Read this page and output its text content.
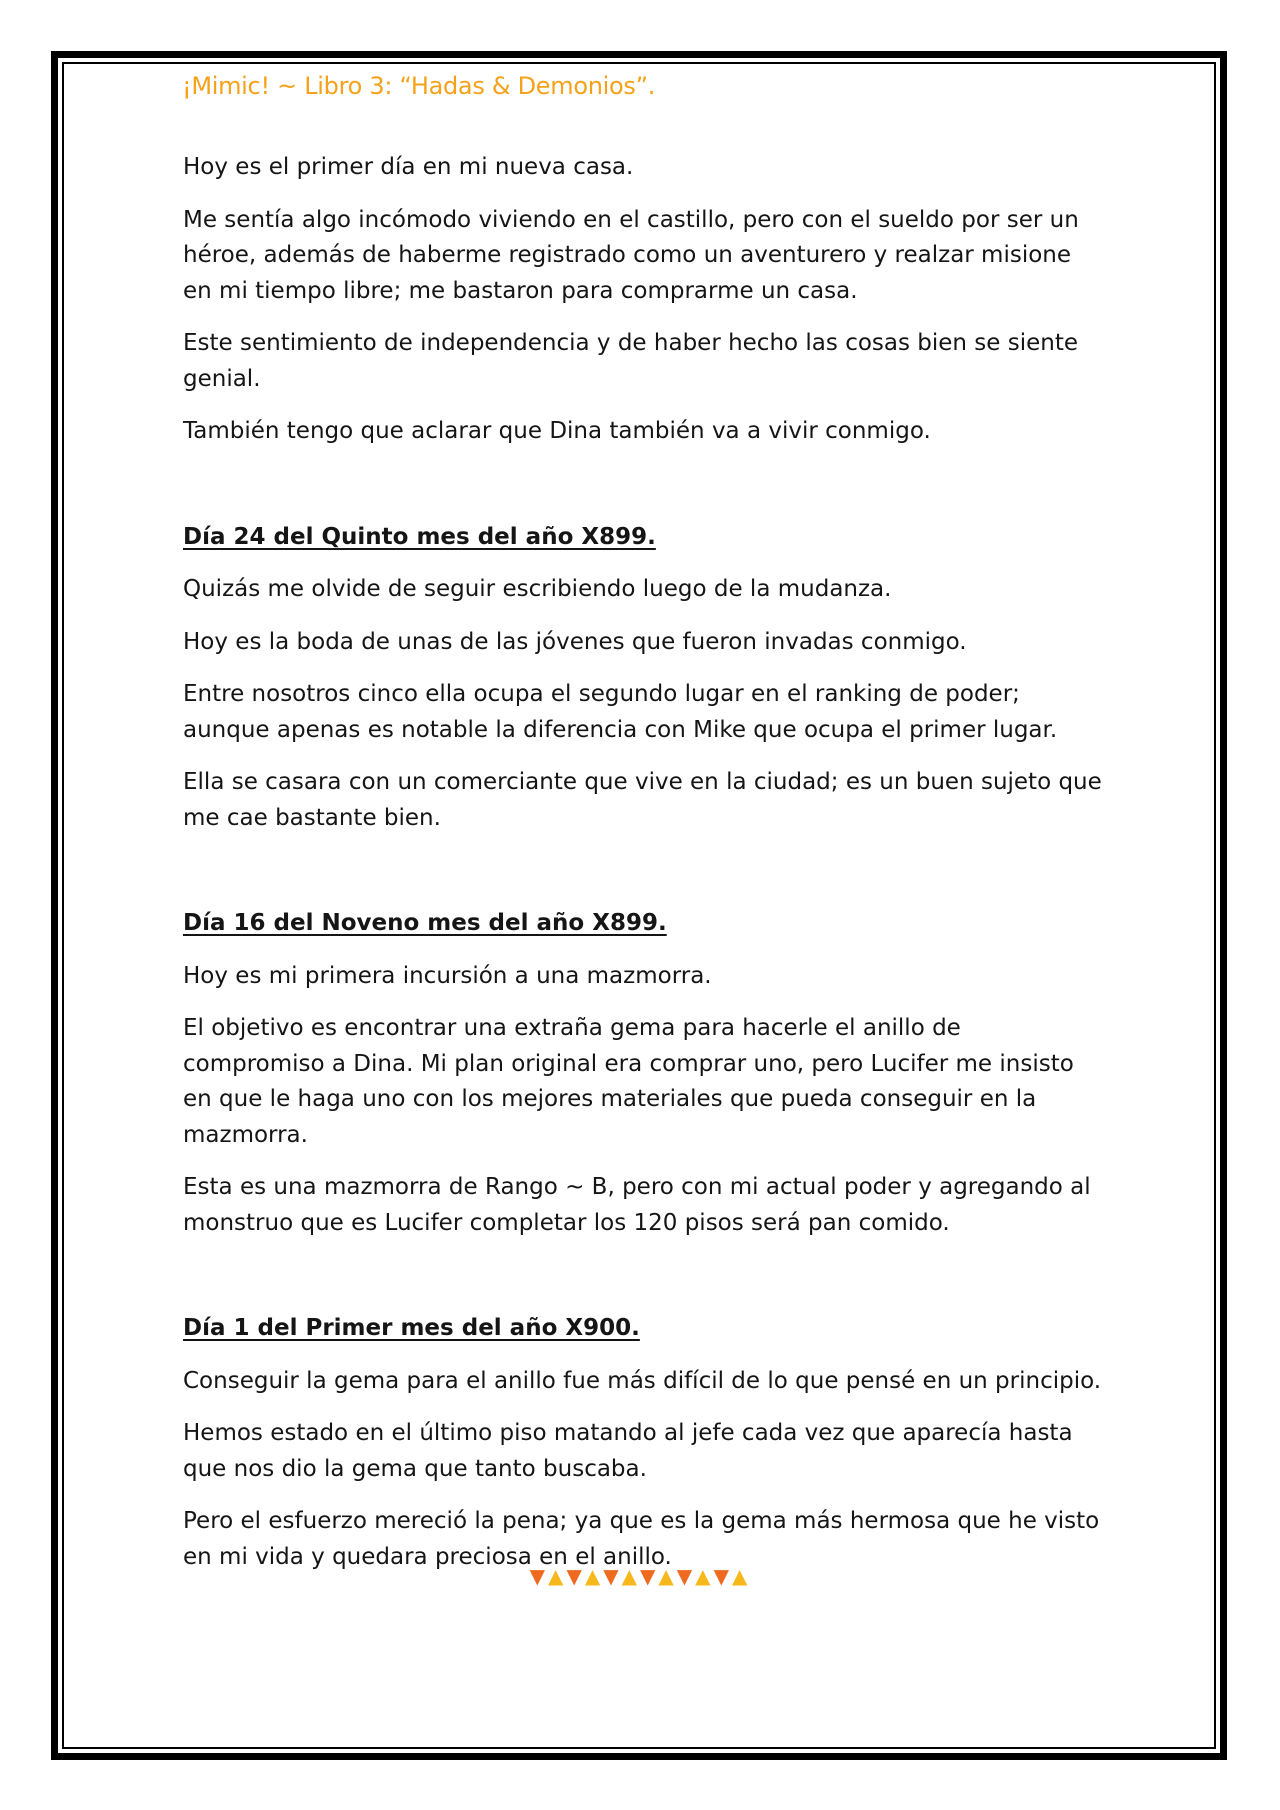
¡Mimic! ~ Libro 3: “Hadas & Demonios”.

Hoy es el primer día en mi nueva casa.

Me sentía algo incómodo viviendo en el castillo, pero con el sueldo por ser un héroe, además de haberme registrado como un aventurero y realzar misione en mi tiempo libre; me bastaron para comprarme un casa.

Este sentimiento de independencia y de haber hecho las cosas bien se siente genial.

También tengo que aclarar que Dina también va a vivir conmigo.

Día 24 del Quinto mes del año X899.

Quizás me olvide de seguir escribiendo luego de la mudanza.

Hoy es la boda de unas de las jóvenes que fueron invadas conmigo.

Entre nosotros cinco ella ocupa el segundo lugar en el ranking de poder; aunque apenas es notable la diferencia con Mike que ocupa el primer lugar.

Ella se casara con un comerciante que vive en la ciudad; es un buen sujeto que me cae bastante bien.

Día 16 del Noveno mes del año X899.

Hoy es mi primera incursión a una mazmorra.

El objetivo es encontrar una extraña gema para hacerle el anillo de compromiso a Dina. Mi plan original era comprar uno, pero Lucifer me insisto en que le haga uno con los mejores materiales que pueda conseguir en la mazmorra.

Esta es una mazmorra de Rango ~ B, pero con mi actual poder y agregando al monstruo que es Lucifer completar los 120 pisos será pan comido.

Día 1 del Primer mes del año X900.

Conseguir la gema para el anillo fue más difícil de lo que pensé en un principio.

Hemos estado en el último piso matando al jefe cada vez que aparecía hasta que nos dio la gema que tanto buscaba.

Pero el esfuerzo mereció la pena; ya que es la gema más hermosa que he visto en mi vida y quedara preciosa en el anillo.

▼▲▼▲▼▲▼▲▼▲▼▲
